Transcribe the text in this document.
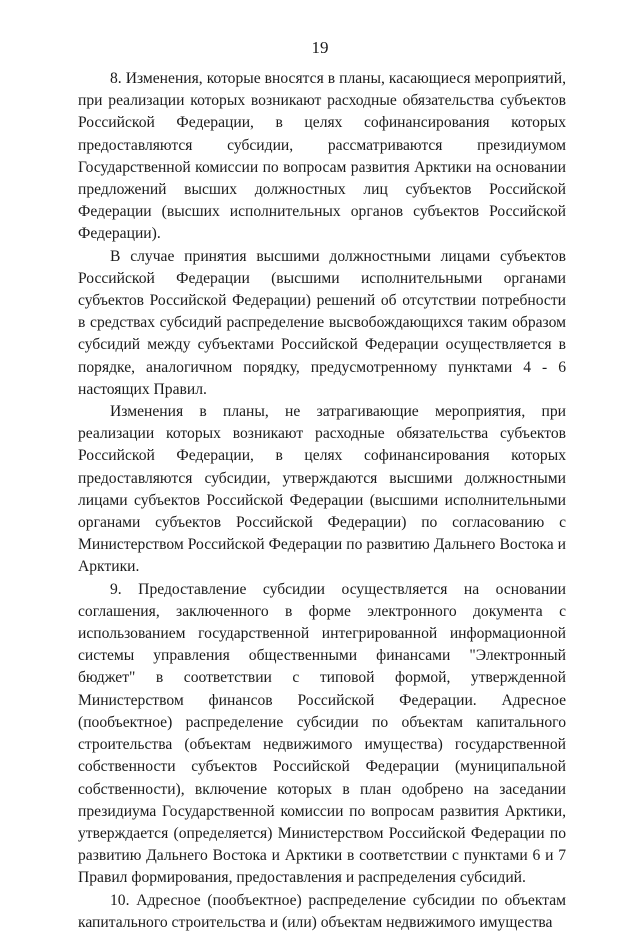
19

8. Изменения, которые вносятся в планы, касающиеся мероприятий, при реализации которых возникают расходные обязательства субъектов Российской Федерации, в целях софинансирования которых предоставляются субсидии, рассматриваются президиумом Государственной комиссии по вопросам развития Арктики на основании предложений высших должностных лиц субъектов Российской Федерации (высших исполнительных органов субъектов Российской Федерации).

В случае принятия высшими должностными лицами субъектов Российской Федерации (высшими исполнительными органами субъектов Российской Федерации) решений об отсутствии потребности в средствах субсидий распределение высвобождающихся таким образом субсидий между субъектами Российской Федерации осуществляется в порядке, аналогичном порядку, предусмотренному пунктами 4 - 6 настоящих Правил.

Изменения в планы, не затрагивающие мероприятия, при реализации которых возникают расходные обязательства субъектов Российской Федерации, в целях софинансирования которых предоставляются субсидии, утверждаются высшими должностными лицами субъектов Российской Федерации (высшими исполнительными органами субъектов Российской Федерации) по согласованию с Министерством Российской Федерации по развитию Дальнего Востока и Арктики.

9. Предоставление субсидии осуществляется на основании соглашения, заключенного в форме электронного документа с использованием государственной интегрированной информационной системы управления общественными финансами "Электронный бюджет" в соответствии с типовой формой, утвержденной Министерством финансов Российской Федерации. Адресное (пообъектное) распределение субсидии по объектам капитального строительства (объектам недвижимого имущества) государственной собственности субъектов Российской Федерации (муниципальной собственности), включение которых в план одобрено на заседании президиума Государственной комиссии по вопросам развития Арктики, утверждается (определяется) Министерством Российской Федерации по развитию Дальнего Востока и Арктики в соответствии с пунктами 6 и 7 Правил формирования, предоставления и распределения субсидий.

10. Адресное (пообъектное) распределение субсидии по объектам капитального строительства и (или) объектам недвижимого имущества
